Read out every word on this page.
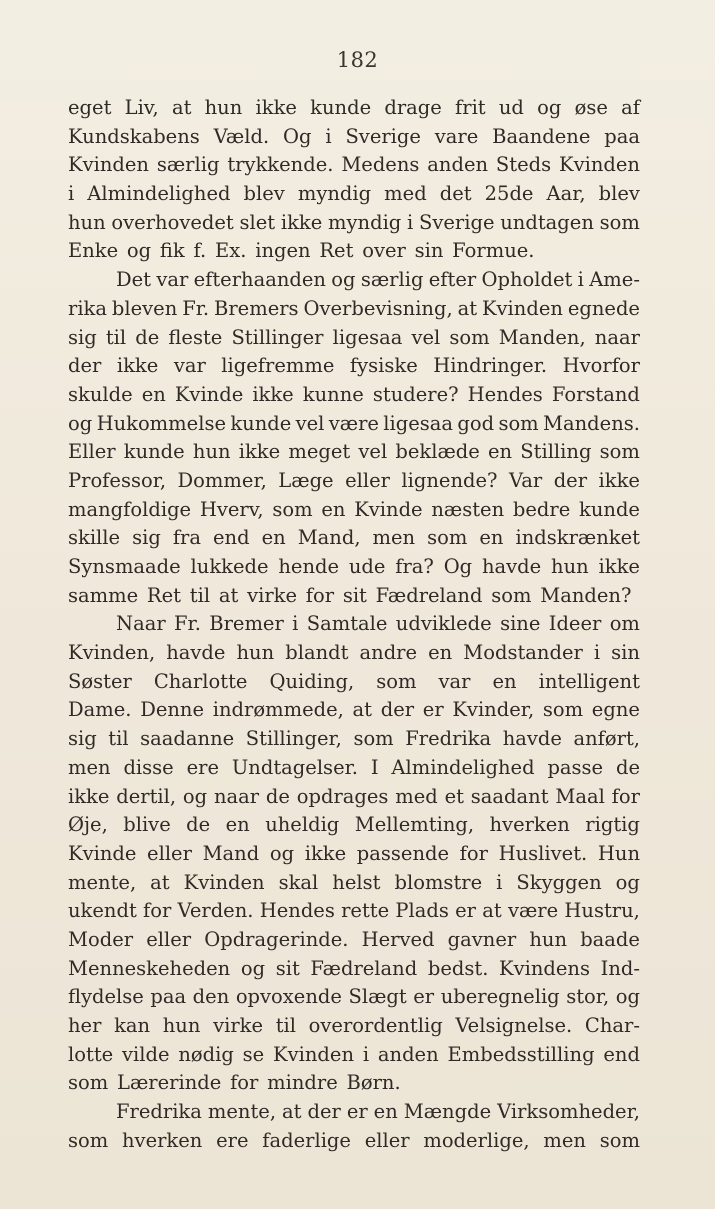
182
eget Liv, at hun ikke kunde drage frit ud og øse af
Kundskabens Væld. Og i Sverige vare Baandene paa
Kvinden særlig trykkende. Medens anden Steds Kvinden
i Almindelighed blev myndig med det 25de Aar, blev
hun overhovedet slet ikke myndig i Sverige undtagen som
Enke og fik f. Ex. ingen Ret over sin Formue.
Det var efterhaanden og særlig efter Opholdet i Ame-
rika bleven Fr. Bremers Overbevisning, at Kvinden egnede
sig til de fleste Stillinger ligesaa vel som Manden, naar
der ikke var ligefremme fysiske Hindringer. Hvorfor
skulde en Kvinde ikke kunne studere? Hendes Forstand
og Hukommelse kunde vel være ligesaa god som Mandens.
Eller kunde hun ikke meget vel beklæde en Stilling som
Professor, Dommer, Læge eller lignende? Var der ikke
mangfoldige Hverv, som en Kvinde næsten bedre kunde
skille sig fra end en Mand, men som en indskrænket
Synsmaade lukkede hende ude fra? Og havde hun ikke
samme Ret til at virke for sit Fædreland som Manden?
Naar Fr. Bremer i Samtale udviklede sine Ideer om
Kvinden, havde hun blandt andre en Modstander i sin
Søster Charlotte Quiding, som var en intelligent
Dame. Denne indrømmede, at der er Kvinder, som egne
sig til saadanne Stillinger, som Fredrika havde anført,
men disse ere Undtagelser. I Almindelighed passe de
ikke dertil, og naar de opdrages med et saadant Maal for
Øje, blive de en uheldig Mellemting, hverken rigtig
Kvinde eller Mand og ikke passende for Huslivet. Hun
mente, at Kvinden skal helst blomstre i Skyggen og
ukendt for Verden. Hendes rette Plads er at være Hustru,
Moder eller Opdragerinde. Herved gavner hun baade
Menneskeheden og sit Fædreland bedst. Kvindens Ind-
flydelse paa den opvoxende Slægt er uberegnelig stor, og
her kan hun virke til overordentlig Velsignelse. Char-
lotte vilde nødig se Kvinden i anden Embedsstilling end
som Lærerinde for mindre Børn.
Fredrika mente, at der er en Mængde Virksomheder,
som hverken ere faderlige eller moderlige, men som
